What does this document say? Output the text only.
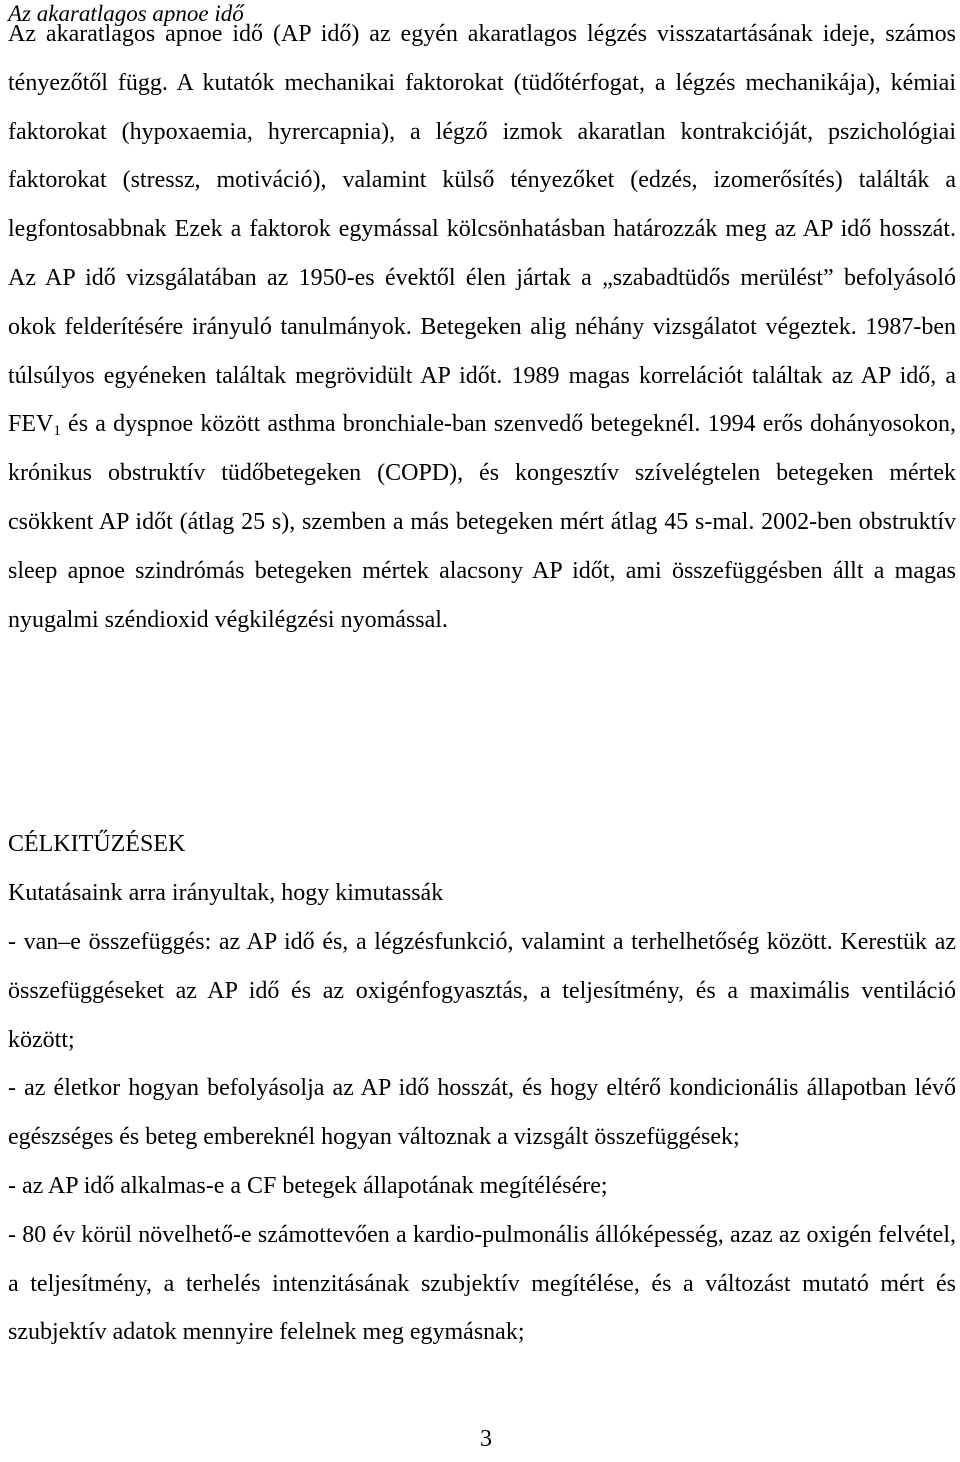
Az akaratlagos apnoe idő

Az akaratlagos apnoe idő (AP idő) az egyén akaratlagos légzés visszatartásának ideje, számos tényezőtől függ. A kutatók mechanikai faktorokat (tüdőtérfogat, a légzés mechanikája), kémiai faktorokat (hypoxaemia, hyrercapnia), a légző izmok akaratlan kontrakcióját, pszichológiai faktorokat (stressz, motiváció), valamint külső tényezőket (edzés, izomerősítés) találták a legfontosabbnak Ezek a faktorok egymással kölcsönhatásban határozzák meg az AP idő hosszát. Az AP idő vizsgálatában az 1950-es évektől élen jártak a „szabadtüdős merülést” befolyásoló okok felderítésére irányuló tanulmányok. Betegeken alig néhány vizsgálatot végeztek. 1987-ben túlsúlyos egyéneken találtak megrövidült AP időt. 1989 magas korrelációt találtak az AP idő, a $FEV_1$ és a dyspnoe között asthma bronchiale-ban szenvedő betegeknél. 1994 erős dohányosokon, krónikus obstruktív tüdőbetegeken (COPD), és kongesztív szívelégtelen betegeken mértek csökkent AP időt (átlag 25 s), szemben a más betegeken mért átlag 45 s-mal. 2002-ben obstruktív sleep apnoe szindrómás betegeken mértek alacsony AP időt, ami összefüggésben állt a magas nyugalmi széndioxid végkilégzési nyomással.

CÉLKITŰZÉSEK

Kutatásaink arra irányultak, hogy kimutassák

- van–e összefüggés: az AP idő és, a légzésfunkció, valamint a terhelhetőség között. Kerestük az összefüggéseket az AP idő és az oxigénfogyasztás, a teljesítmény, és a maximális ventiláció között;
- az életkor hogyan befolyásolja az AP idő hosszát, és hogy eltérő kondicionális állapotban lévő egészséges és beteg embereknél hogyan változnak a vizsgált összefüggések;
- az AP idő alkalmas-e a CF betegek állapotának megítélésére;
- 80 év körül növelhető-e számottevően a kardio-pulmonális állóképesség, azaz az oxigén felvétel, a teljesítmény, a terhelés intenzitásának szubjektív megítélése, és a változást mutató mért és szubjektív adatok mennyire felelnek meg egymásnak;

3
